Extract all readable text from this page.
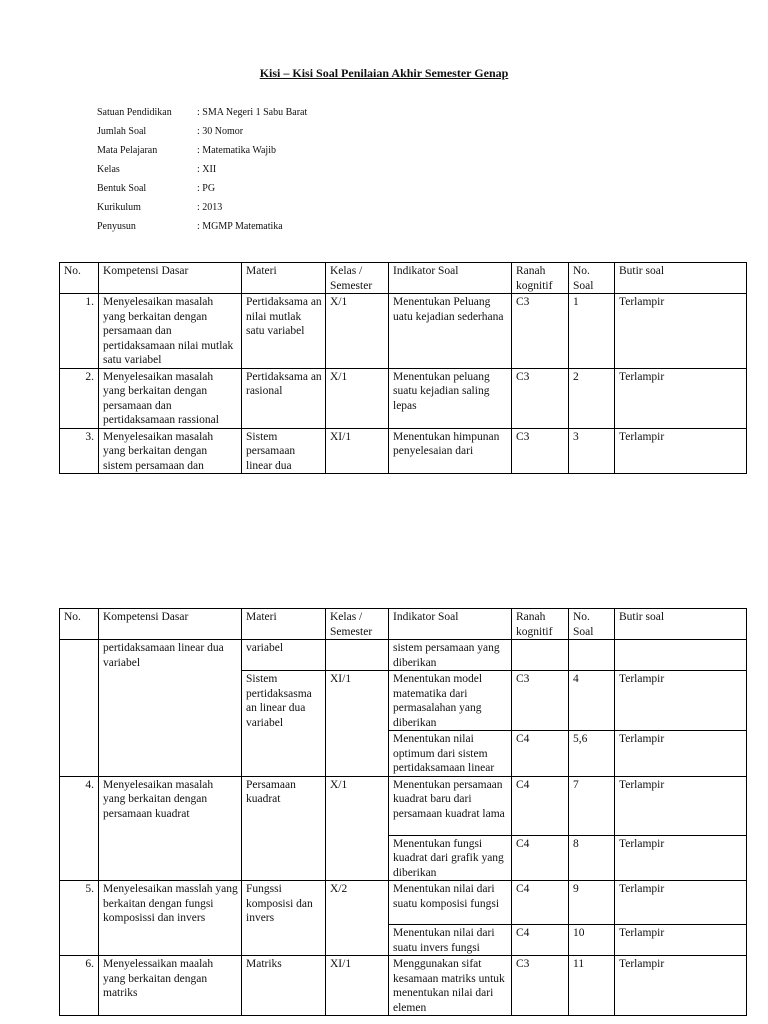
Kisi – Kisi Soal Penilaian Akhir Semester Genap
Satuan Pendidikan	: SMA Negeri 1 Sabu Barat
Jumlah Soal	: 30 Nomor
Mata Pelajaran	: Matematika Wajib
Kelas	: XII
Bentuk Soal	: PG
Kurikulum	: 2013
Penyusun	: MGMP Matematika
No.	Kompetensi Dasar	Materi	Kelas / Semester	Indikator Soal	Ranah kognitif	No. Soal	Butir soal
1.	Menyelesaikan masalah yang berkaitan dengan persamaan dan pertidaksamaan nilai mutlak satu variabel	Pertidaksama an nilai mutlak satu variabel	X/1	Menentukan Peluang uatu kejadian sederhana	C3	1	Terlampir
2.	Menyelesaikan masalah yang berkaitan dengan persamaan dan pertidaksamaan rassional	Pertidaksama an rasional	X/1	Menentukan peluang suatu kejadian saling lepas	C3	2	Terlampir
3.	Menyelesaikan masalah yang berkaitan dengan sistem persamaan dan	Sistem persamaan linear dua	XI/1	Menentukan himpunan penyelesaian dari	C3	3	Terlampir
No.	Kompetensi Dasar	Materi	Kelas / Semester	Indikator Soal	Ranah kognitif	No. Soal	Butir soal
	pertidaksamaan linear dua variabel	variabel		sistem persamaan yang diberikan			
		Sistem pertidaksasma an linear dua variabel	XI/1	Menentukan model matematika dari permasalahan yang diberikan	C3	4	Terlampir
				Menentukan nilai optimum dari sistem pertidaksamaan linear	C4	5,6	Terlampir

4.	Menyelesaikan masalah yang berkaitan dengan persamaan kuadrat	Persamaan kuadrat	X/1	Menentukan persamaan kuadrat baru dari persamaan kuadrat lama	C4	7	Terlampir
				Menentukan fungsi kuadrat dari grafik yang diberikan	C4	8	Terlampir
5.	Menyelesaikan masslah yang berkaitan dengan fungsi komposissi dan invers	Fungssi komposisi dan invers	X/2	Menentukan nilai dari suatu komposisi fungsi	C4	9	Terlampir
				Menentukan nilai dari suatu invers fungsi	C4	10	Terlampir
6.	Menyelessaikan maalah yang berkaitan dengan matriks	Matriks	XI/1	Menggunakan sifat kesamaan matriks untuk menentukan nilai dari elemen	C3	11	Terlampir
